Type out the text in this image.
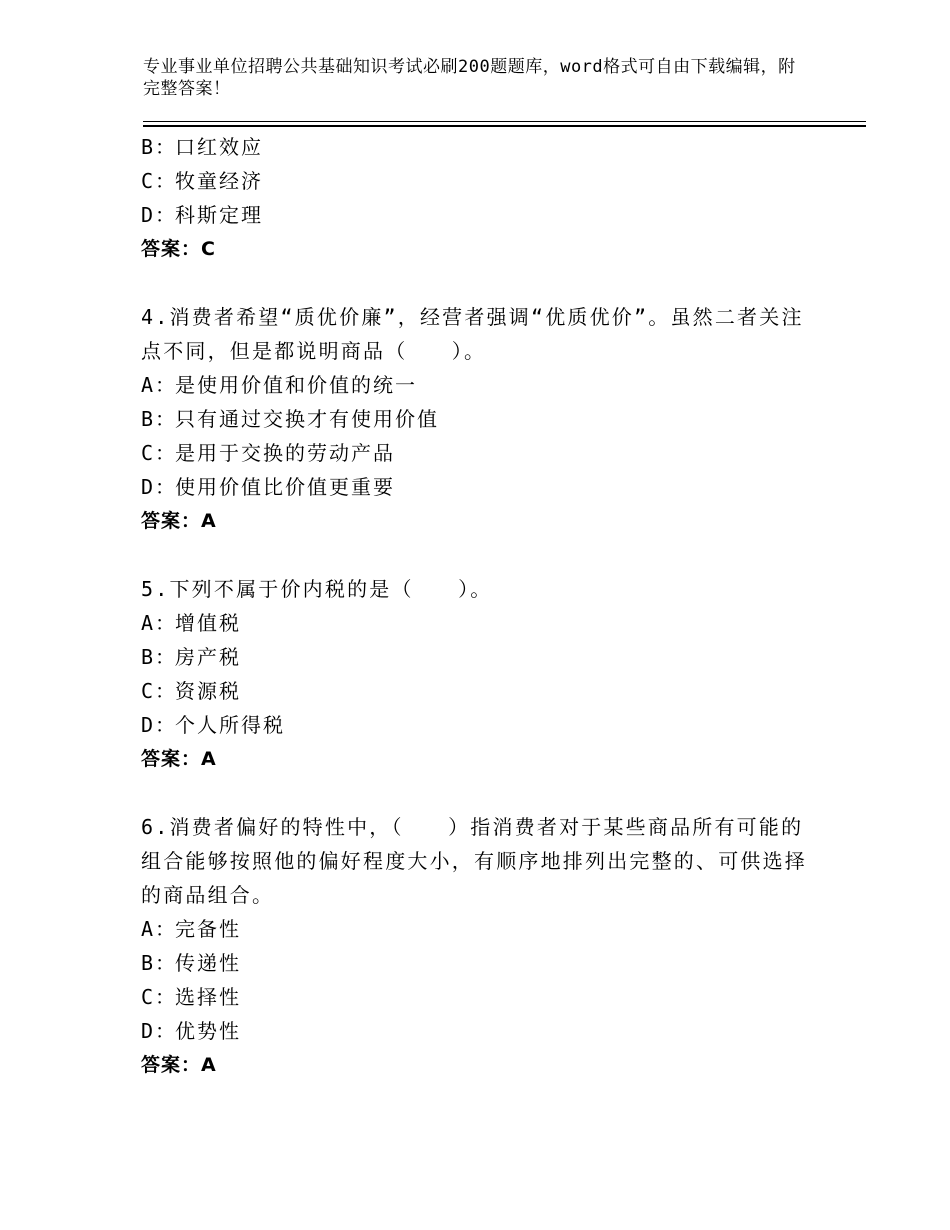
专业事业单位招聘公共基础知识考试必刷200题题库，word格式可自由下载编辑，附完整答案！
B：口红效应
C：牧童经济
D：科斯定理
答案：C
4.消费者希望“质优价廉”，经营者强调“优质优价”。虽然二者关注点不同，但是都说明商品（　　）。
A：是使用价值和价值的统一
B：只有通过交换才有使用价值
C：是用于交换的劳动产品
D：使用价值比价值更重要
答案：A
5.下列不属于价内税的是（　　）。
A：增值税
B：房产税
C：资源税
D：个人所得税
答案：A
6.消费者偏好的特性中，（　　）指消费者对于某些商品所有可能的组合能够按照他的偏好程度大小，有顺序地排列出完整的、可供选择的商品组合。
A：完备性
B：传递性
C：选择性
D：优势性
答案：A
